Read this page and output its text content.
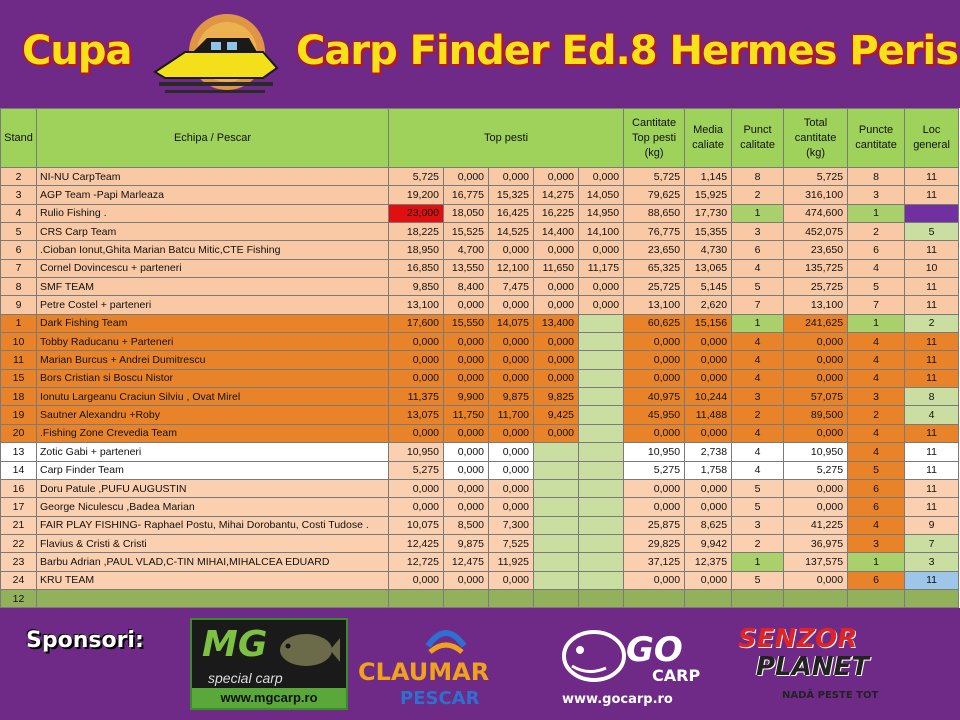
Cupa	Carp Finder Ed.8 Hermes Peris
Stand	Echipa / Pescar	Top pesti					Cantitate Top pesti (kg)	Media caliate	Punct calitate	Total cantitate (kg)	Puncte cantitate	Loc general
2	NI-NU CarpTeam	5,725	0,000	0,000	0,000	0,000	5,725	1,145	8	5,725	8	11
3	AGP Team -Papi Marleaza	19,200	16,775	15,325	14,275	14,050	79,625	15,925	2	316,100	3	11
4	Rulio Fishing .	23,000	18,050	16,425	16,225	14,950	88,650	17,730	1	474,600	1	
5	CRS Carp Team	18,225	15,525	14,525	14,400	14,100	76,775	15,355	3	452,075	2	5
6	.Cioban Ionut,Ghita Marian Batcu Mitic,CTE Fishing	18,950	4,700	0,000	0,000	0,000	23,650	4,730	6	23,650	6	11
7	Cornel Dovincescu + parteneri	16,850	13,550	12,100	11,650	11,175	65,325	13,065	4	135,725	4	10
8	SMF TEAM	9,850	8,400	7,475	0,000	0,000	25,725	5,145	5	25,725	5	11
9	Petre Costel + parteneri	13,100	0,000	0,000	0,000	0,000	13,100	2,620	7	13,100	7	11
1	Dark Fishing Team	17,600	15,550	14,075	13,400		60,625	15,156	1	241,625	1	2
10	Tobby Raducanu + Parteneri	0,000	0,000	0,000	0,000		0,000	0,000	4	0,000	4	11
11	Marian Burcus + Andrei Dumitrescu	0,000	0,000	0,000	0,000		0,000	0,000	4	0,000	4	11
15	Bors Cristian si Boscu Nistor	0,000	0,000	0,000	0,000		0,000	0,000	4	0,000	4	11
18	Ionutu Largeanu Craciun Silviu , Ovat Mirel	11,375	9,900	9,875	9,825		40,975	10,244	3	57,075	3	8
19	Sautner Alexandru +Roby	13,075	11,750	11,700	9,425		45,950	11,488	2	89,500	2	4
20	.Fishing Zone Crevedia Team	0,000	0,000	0,000	0,000		0,000	0,000	4	0,000	4	11
13	Zotic Gabi + parteneri	10,950	0,000	0,000			10,950	2,738	4	10,950	4	11
14	Carp Finder Team	5,275	0,000	0,000			5,275	1,758	4	5,275	5	11
16	Doru Patule ,PUFU AUGUSTIN	0,000	0,000	0,000			0,000	0,000	5	0,000	6	11
17	George Niculescu ,Badea Marian	0,000	0,000	0,000			0,000	0,000	5	0,000	6	11
21	FAIR PLAY FISHING- Raphael Postu, Mihai Dorobantu, Costi Tudose .	10,075	8,500	7,300			25,875	8,625	3	41,225	4	9
22	Flavius & Cristi & Cristi	12,425	9,875	7,525			29,825	9,942	2	36,975	3	7
23	Barbu Adrian ,PAUL VLAD,C-TIN MIHAI,MIHALCEA EDUARD	12,725	12,475	11,925			37,125	12,375	1	137,575	1	3
24	KRU TEAM	0,000	0,000	0,000			0,000	0,000	5	0,000	6	11
12												
Sponsori: MG
special carp
www.mgcarp.ro
CLAUMAR
PESCAR
GO
CARP
www.gocarp.ro
SENZOR
PLANET
NADĂ PESTE TOT
